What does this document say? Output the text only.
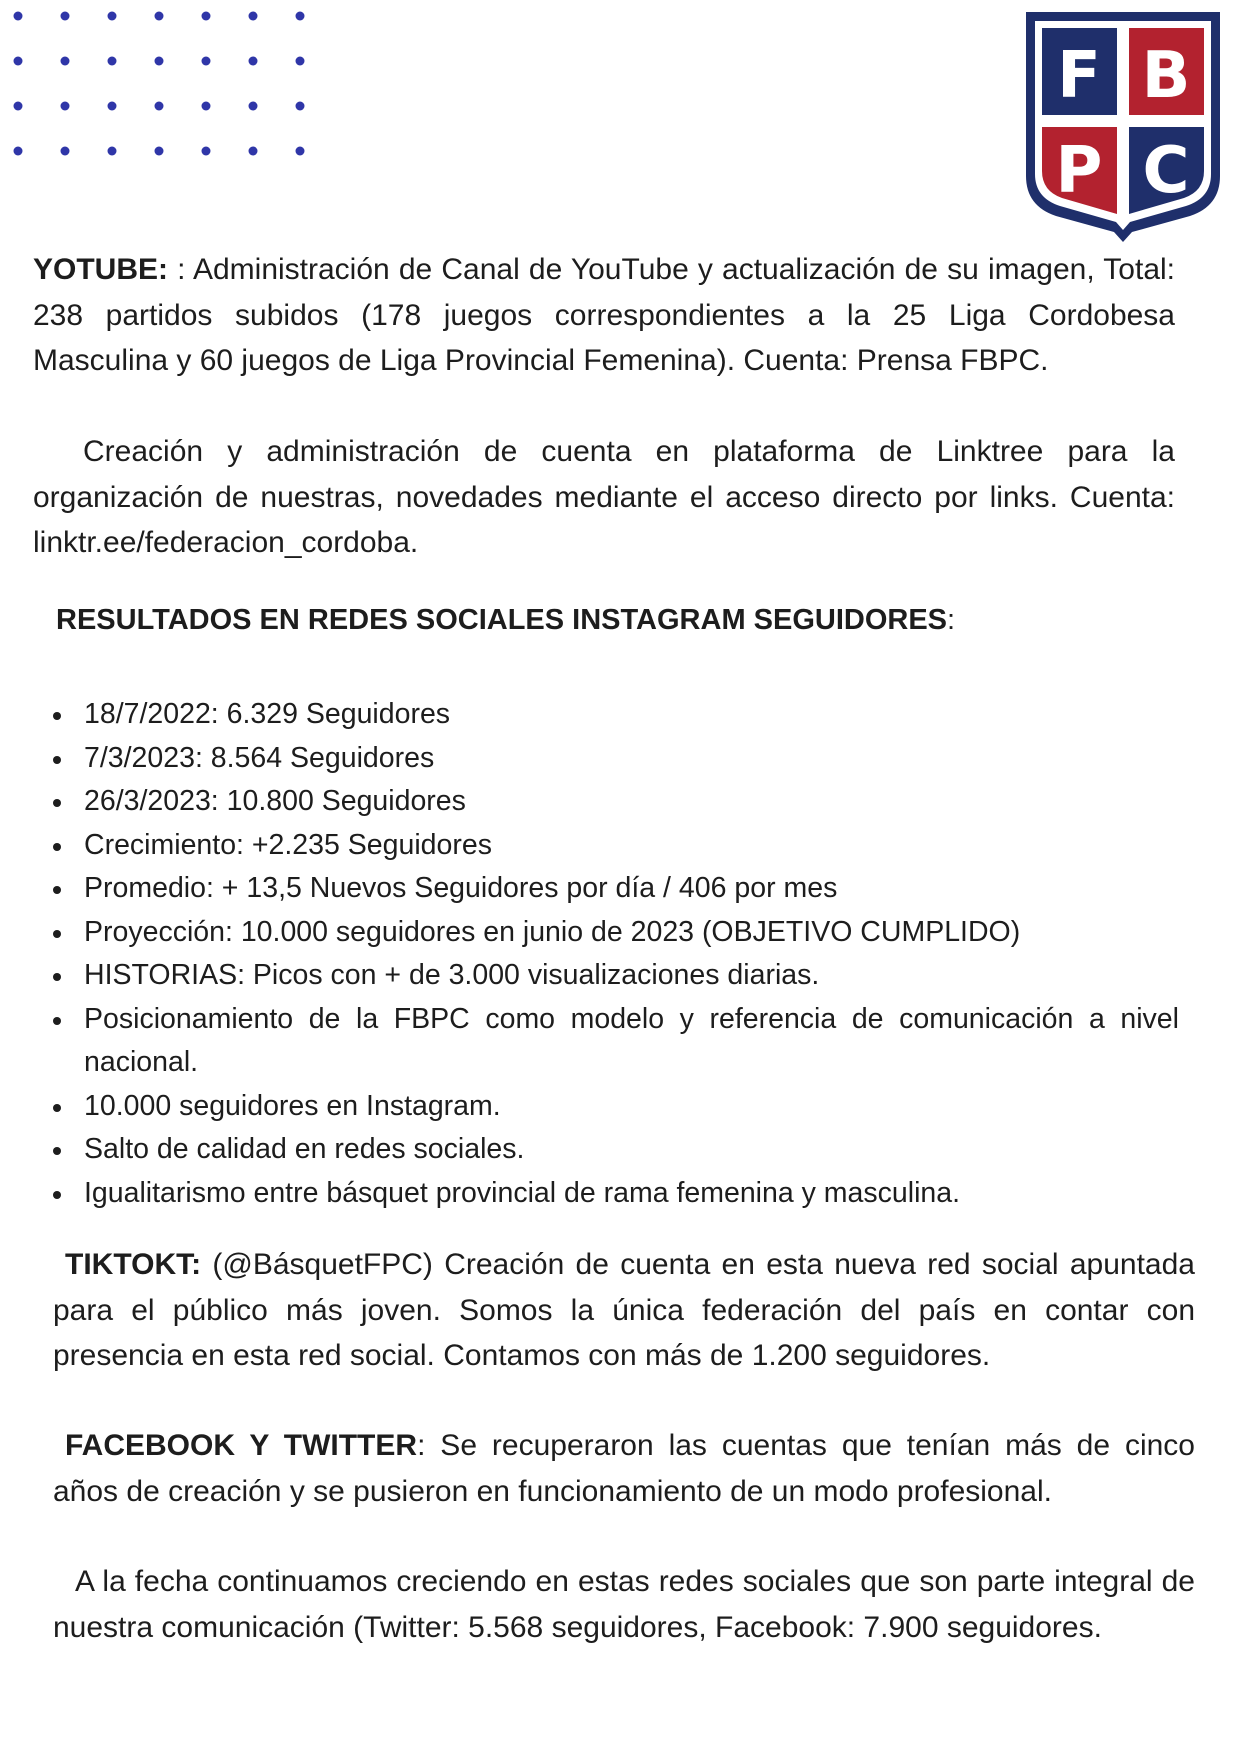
F B
P C

YOTUBE: : Administración de Canal de YouTube y actualización de su imagen, Total: 238 partidos subidos (178 juegos correspondientes a la 25 Liga Cordobesa Masculina y 60 juegos de Liga Provincial Femenina). Cuenta: Prensa FBPC.

Creación y administración de cuenta en plataforma de Linktree para la organización de nuestras, novedades mediante el acceso directo por links. Cuenta: linktr.ee/federacion_cordoba.

RESULTADOS EN REDES SOCIALES INSTAGRAM SEGUIDORES:

18/7/2022: 6.329 Seguidores
7/3/2023: 8.564 Seguidores
26/3/2023: 10.800 Seguidores
Crecimiento: +2.235 Seguidores
Promedio: + 13,5 Nuevos Seguidores por día / 406 por mes
Proyección: 10.000 seguidores en junio de 2023 (OBJETIVO CUMPLIDO)
HISTORIAS: Picos con + de 3.000 visualizaciones diarias.
Posicionamiento de la FBPC como modelo y referencia de comunicación a nivel nacional.
10.000 seguidores en Instagram.
Salto de calidad en redes sociales.
Igualitarismo entre básquet provincial de rama femenina y masculina.

TIKTOKT: (@BásquetFPC) Creación de cuenta en esta nueva red social apuntada para el público más joven. Somos la única federación del país en contar con presencia en esta red social. Contamos con más de 1.200 seguidores.

FACEBOOK Y TWITTER: Se recuperaron las cuentas que tenían más de cinco años de creación y se pusieron en funcionamiento de un modo profesional.

A la fecha continuamos creciendo en estas redes sociales que son parte integral de nuestra comunicación (Twitter: 5.568 seguidores, Facebook: 7.900 seguidores.
